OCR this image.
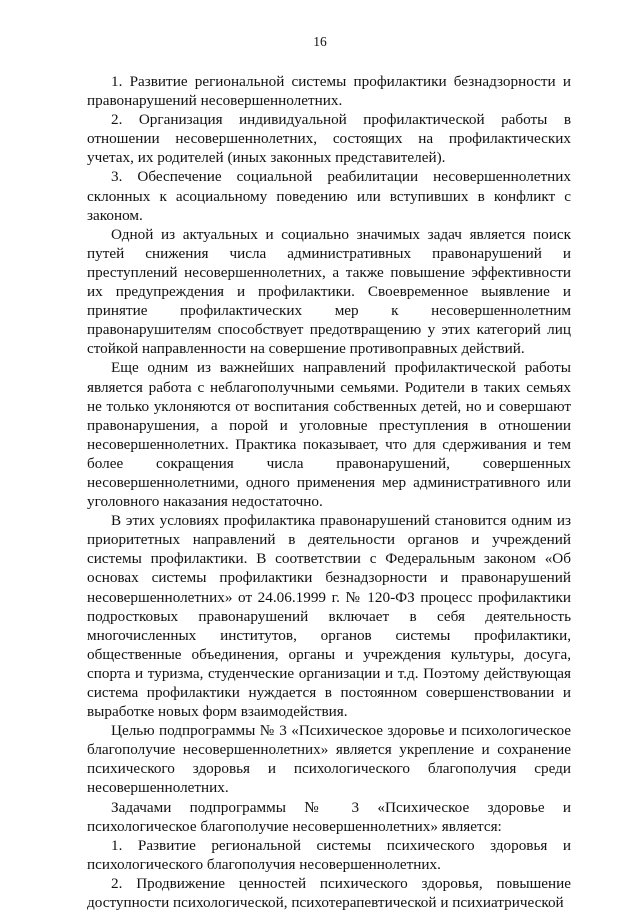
16

1. Развитие региональной системы профилактики безнадзорности и правонарушений несовершеннолетних.

2. Организация индивидуальной профилактической работы в отношении несовершеннолетних, состоящих на профилактических учетах, их родителей (иных законных представителей).

3. Обеспечение социальной реабилитации несовершеннолетних склонных к асоциальному поведению или вступивших в конфликт с законом.

Одной из актуальных и социально значимых задач является поиск путей снижения числа административных правонарушений и преступлений несовершеннолетних, а также повышение эффективности их предупреждения и профилактики. Своевременное выявление и принятие профилактических мер к несовершеннолетним правонарушителям способствует предотвращению у этих категорий лиц стойкой направленности на совершение противоправных действий.

Еще одним из важнейших направлений профилактической работы является работа с неблагополучными семьями. Родители в таких семьях не только уклоняются от воспитания собственных детей, но и совершают правонарушения, а порой и уголовные преступления в отношении несовершеннолетних. Практика показывает, что для сдерживания и тем более сокращения числа правонарушений, совершенных несовершеннолетними, одного применения мер административного или уголовного наказания недостаточно.

В этих условиях профилактика правонарушений становится одним из приоритетных направлений в деятельности органов и учреждений системы профилактики. В соответствии с Федеральным законом «Об основах системы профилактики безнадзорности и правонарушений несовершеннолетних» от 24.06.1999 г. № 120-ФЗ процесс профилактики подростковых правонарушений включает в себя деятельность многочисленных институтов, органов системы профилактики, общественные объединения, органы и учреждения культуры, досуга, спорта и туризма, студенческие организации и т.д. Поэтому действующая система профилактики нуждается в постоянном совершенствовании и выработке новых форм взаимодействия.

Целью подпрограммы № 3 «Психическое здоровье и психологическое благополучие несовершеннолетних» является укрепление и сохранение психического здоровья и психологического благополучия среди несовершеннолетних.

Задачами подпрограммы № 3 «Психическое здоровье и психологическое благополучие несовершеннолетних» является:

1. Развитие региональной системы психического здоровья и психологического благополучия несовершеннолетних.

2. Продвижение ценностей психического здоровья, повышение доступности психологической, психотерапевтической и психиатрической
